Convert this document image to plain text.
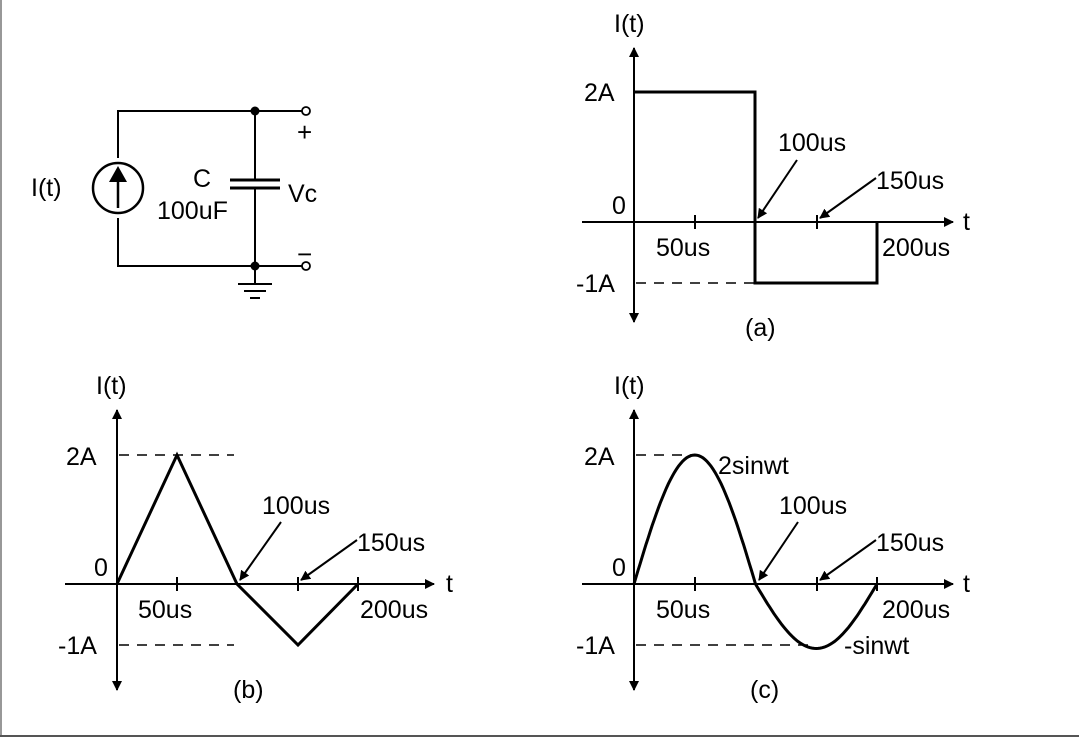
I(t)	C
100uF
Vc
+
−
I(t)
t
2A
0
-1A
50us	200us
100us
150us
(a)
I(t)
t
2A
0
-1A
50us	200us
100us
150us
(b)
I(t)
t
2A
0
-1A
50us	200us
100us
150us
2sinwt
-sinwt
(c)
